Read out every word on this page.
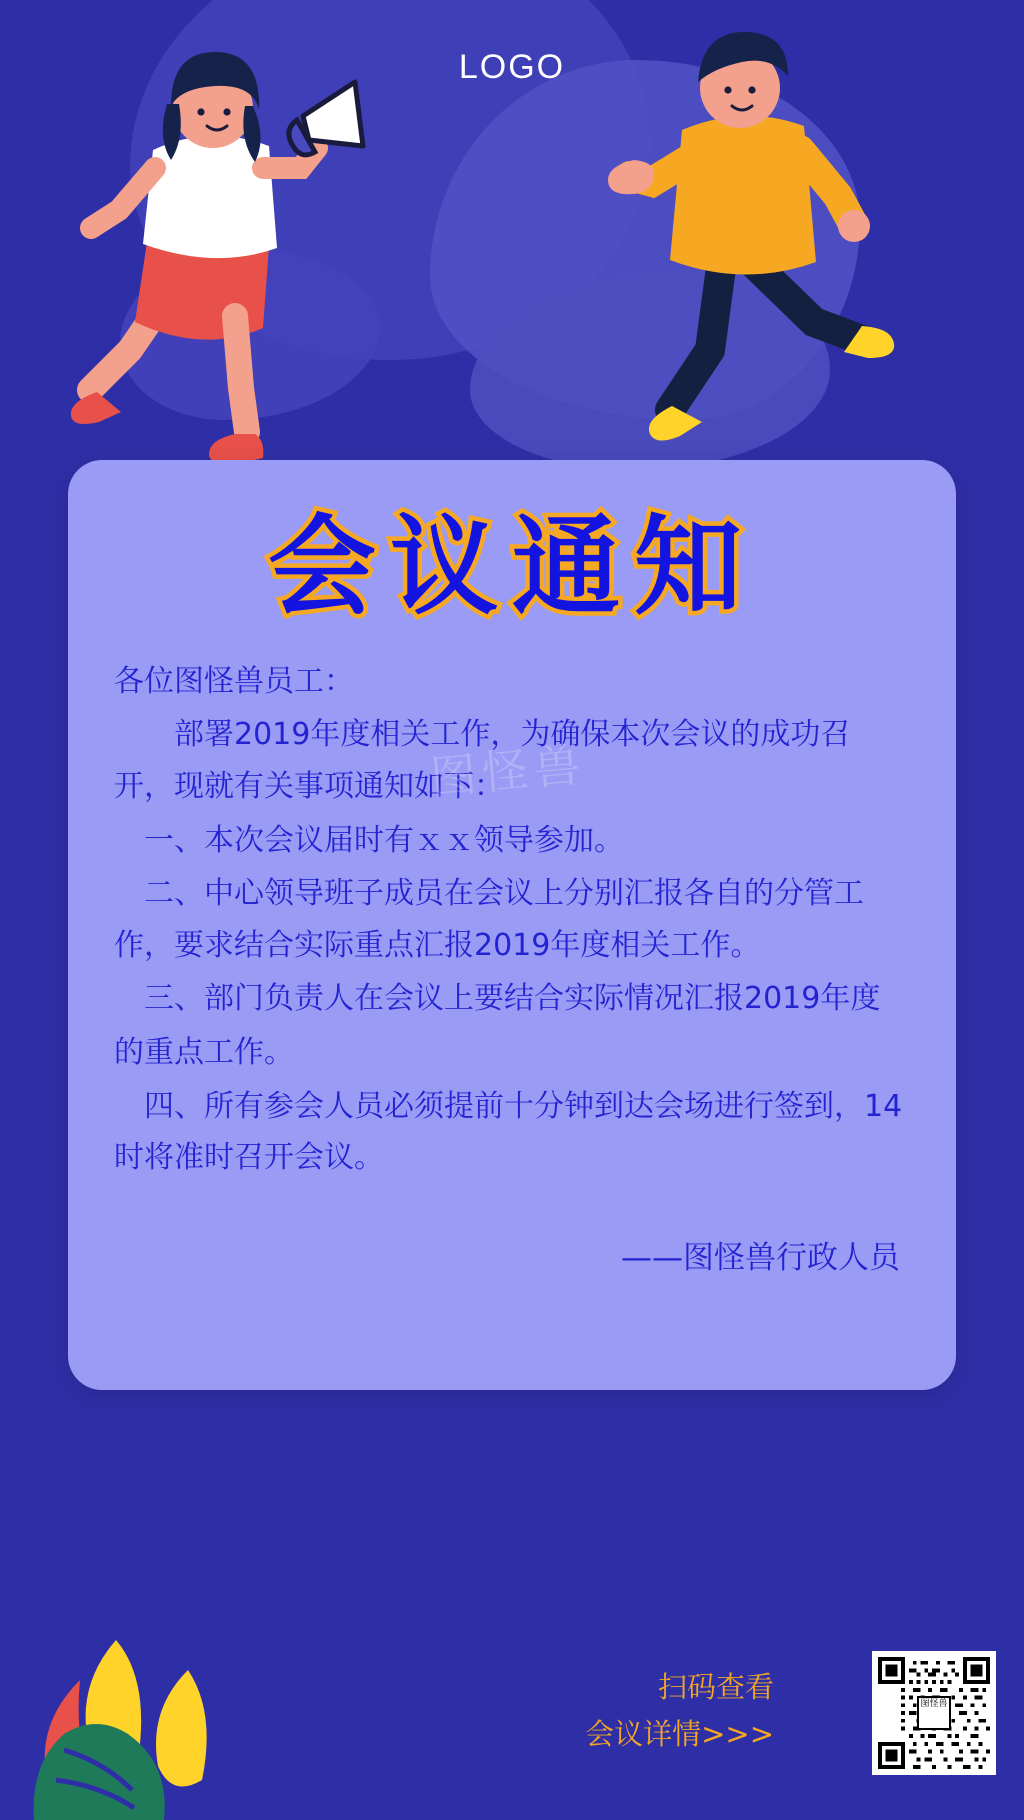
LOGO
会议通知

各位图怪兽员工：

部署2019年度相关工作，为确保本次会议的成功召开，现就有关事项通知如下：

一、本次会议届时有ｘｘ领导参加。

二、中心领导班子成员在会议上分别汇报各自的分管工作，要求结合实际重点汇报2019年度相关工作。

三、部门负责人在会议上要结合实际情况汇报2019年度

的重点工作。

四、所有参会人员必须提前十分钟到达会场进行签到，14时将准时召开会议。

——图怪兽行政人员
图怪兽
扫码查看
会议详情>>>
图怪兽
